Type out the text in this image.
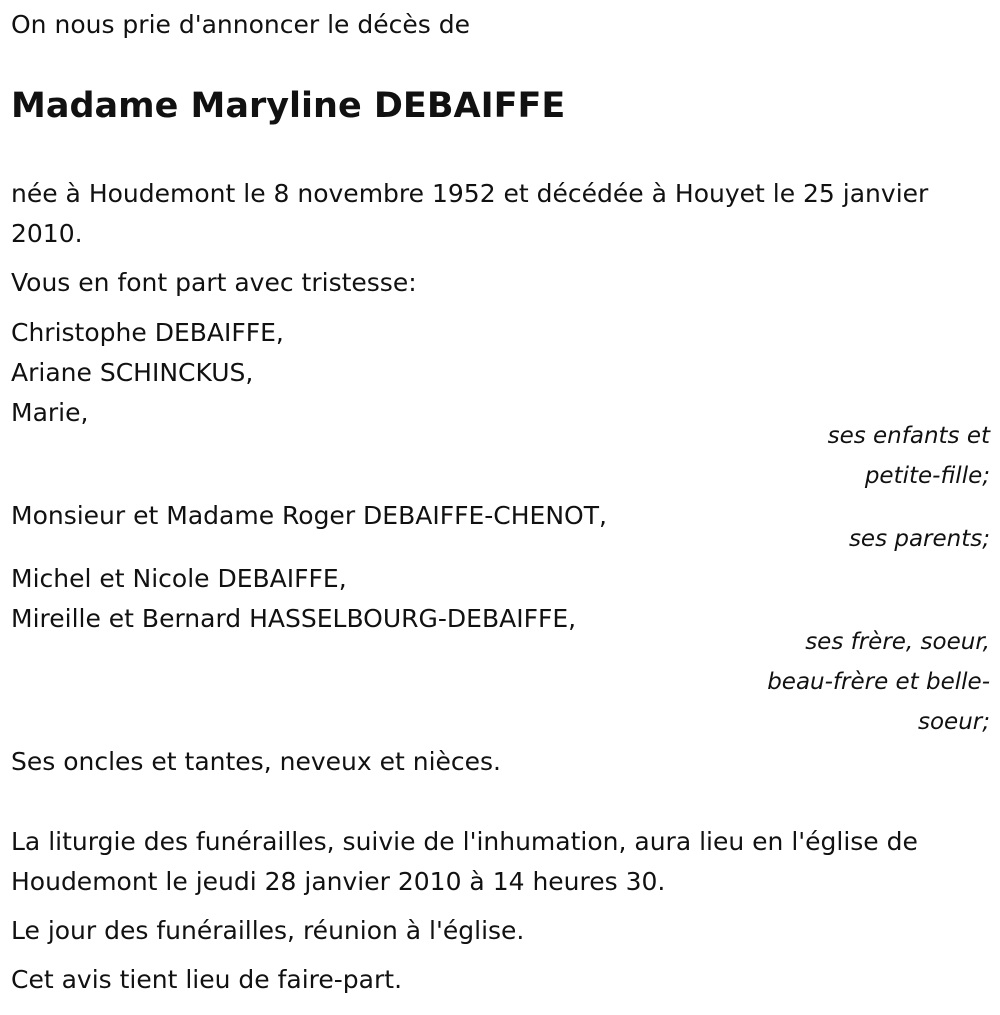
On nous prie d'annoncer le décès de

Madame Maryline DEBAIFFE

née à Houdemont le 8 novembre 1952 et décédée à Houyet le 25 janvier

2010.

Vous en font part avec tristesse:

Christophe DEBAIFFE,

Ariane SCHINCKUS,

Marie,

ses enfants et
petite-fille;

Monsieur et Madame Roger DEBAIFFE-CHENOT,

ses parents;

Michel et Nicole DEBAIFFE,

Mireille et Bernard HASSELBOURG-DEBAIFFE,

ses frère, soeur,
beau-frère et belle-
soeur;

Ses oncles et tantes, neveux et nièces.

La liturgie des funérailles, suivie de l'inhumation, aura lieu en l'église de

Houdemont le jeudi 28 janvier 2010 à 14 heures 30.

Le jour des funérailles, réunion à l'église.

Cet avis tient lieu de faire-part.
